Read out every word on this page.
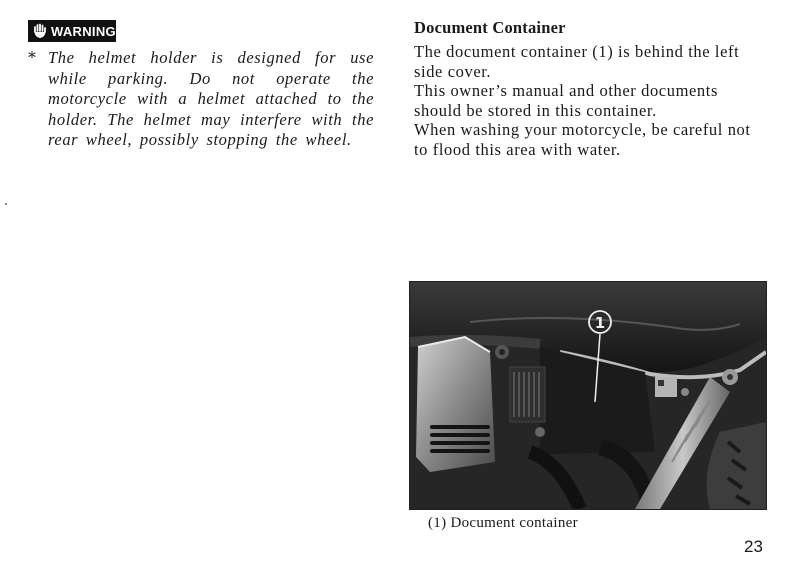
WARNING
* The helmet holder is designed for use while parking. Do not operate the motorcycle with a helmet attached to the holder. The helmet may interfere with the rear wheel, possibly stopping the wheel.
Document Container

The document container (1) is behind the left side cover.

This owner’s manual and other documents should be stored in this container.

When washing your motorcycle, be careful not to flood this area with water.

1
(1) Document container
23
